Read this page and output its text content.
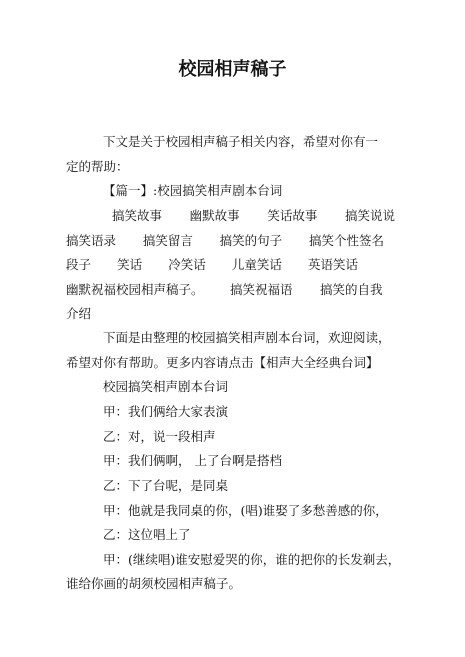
校园相声稿子
下文是关于校园相声稿子相关内容，希望对你有一
定的帮助：
【篇一】:校园搞笑相声剧本台词
搞笑故事 幽默故事 笑话故事 搞笑说说
搞笑语录 搞笑留言 搞笑的句子 搞笑个性签名
段子 笑话 冷笑话 儿童笑话 英语笑话
幽默祝福校园相声稿子。 搞笑祝福语 搞笑的自我
介绍
下面是由整理的校园搞笑相声剧本台词，欢迎阅读，
希望对你有帮助。更多内容请点击【相声大全经典台词】
校园搞笑相声剧本台词
甲：我们俩给大家表演
乙：对，说一段相声
甲：我们俩啊， 上了台啊是搭档
乙：下了台呢，是同桌
甲：他就是我同桌的你，(唱)谁娶了多愁善感的你，
乙：这位唱上了
甲：(继续唱)谁安慰爱哭的你，谁的把你的长发剃去，
谁给你画的胡须校园相声稿子。
